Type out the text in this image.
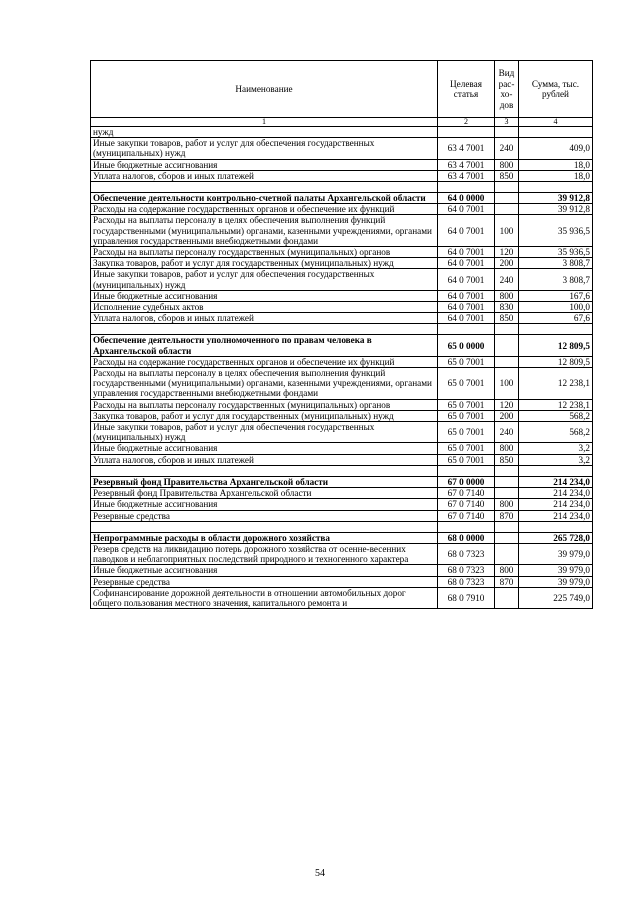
Наименование	Целевая статья	Вид рас- хо- дов	Сумма, тыс. рублей
1	2	3	4
нужд			
Иные закупки товаров, работ и услуг для обеспечения государственных (муниципальных) нужд	63 4 7001	240	409,0
Иные бюджетные ассигнования	63 4 7001	800	18,0
Уплата налогов, сборов и иных платежей	63 4 7001	850	18,0

Обеспечение деятельности контрольно-счетной палаты Архангельской области	64 0 0000		39 912,8
Расходы на содержание государственных органов и обеспечение их функций	64 0 7001		39 912,8
Расходы на выплаты персоналу в целях обеспечения выполнения функций государственными (муниципальными) органами, казенными учреждениями, органами управления государственными внебюджетными фондами	64 0 7001	100	35 936,5
Расходы на выплаты персоналу государственных (муниципальных) органов	64 0 7001	120	35 936,5
Закупка товаров, работ и услуг для государственных (муниципальных) нужд	64 0 7001	200	3 808,7
Иные закупки товаров, работ и услуг для обеспечения государственных (муниципальных) нужд	64 0 7001	240	3 808,7
Иные бюджетные ассигнования	64 0 7001	800	167,6
Исполнение судебных актов	64 0 7001	830	100,0
Уплата налогов, сборов и иных платежей	64 0 7001	850	67,6

Обеспечение деятельности уполномоченного по правам человека в Архангельской области	65 0 0000		12 809,5
Расходы на содержание государственных органов и обеспечение их функций	65 0 7001		12 809,5
Расходы на выплаты персоналу в целях обеспечения выполнения функций государственными (муниципальными) органами, казенными учреждениями, органами управления государственными внебюджетными фондами	65 0 7001	100	12 238,1
Расходы на выплаты персоналу государственных (муниципальных) органов	65 0 7001	120	12 238,1
Закупка товаров, работ и услуг для государственных (муниципальных) нужд	65 0 7001	200	568,2
Иные закупки товаров, работ и услуг для обеспечения государственных (муниципальных) нужд	65 0 7001	240	568,2
Иные бюджетные ассигнования	65 0 7001	800	3,2
Уплата налогов, сборов и иных платежей	65 0 7001	850	3,2

Резервный фонд Правительства Архангельской области	67 0 0000		214 234,0
Резервный фонд Правительства Архангельской области	67 0 7140		214 234,0
Иные бюджетные ассигнования	67 0 7140	800	214 234,0
Резервные средства	67 0 7140	870	214 234,0

Непрограммные расходы в области дорожного хозяйства	68 0 0000		265 728,0
Резерв средств на ликвидацию потерь дорожного хозяйства от осенне-весенних паводков и неблагоприятных последствий природного и техногенного характера	68 0 7323		39 979,0
Иные бюджетные ассигнования	68 0 7323	800	39 979,0
Резервные средства	68 0 7323	870	39 979,0
Софинансирование дорожной деятельности в отношении автомобильных дорог общего пользования местного значения, капитального ремонта и	68 0 7910		225 749,0
54
